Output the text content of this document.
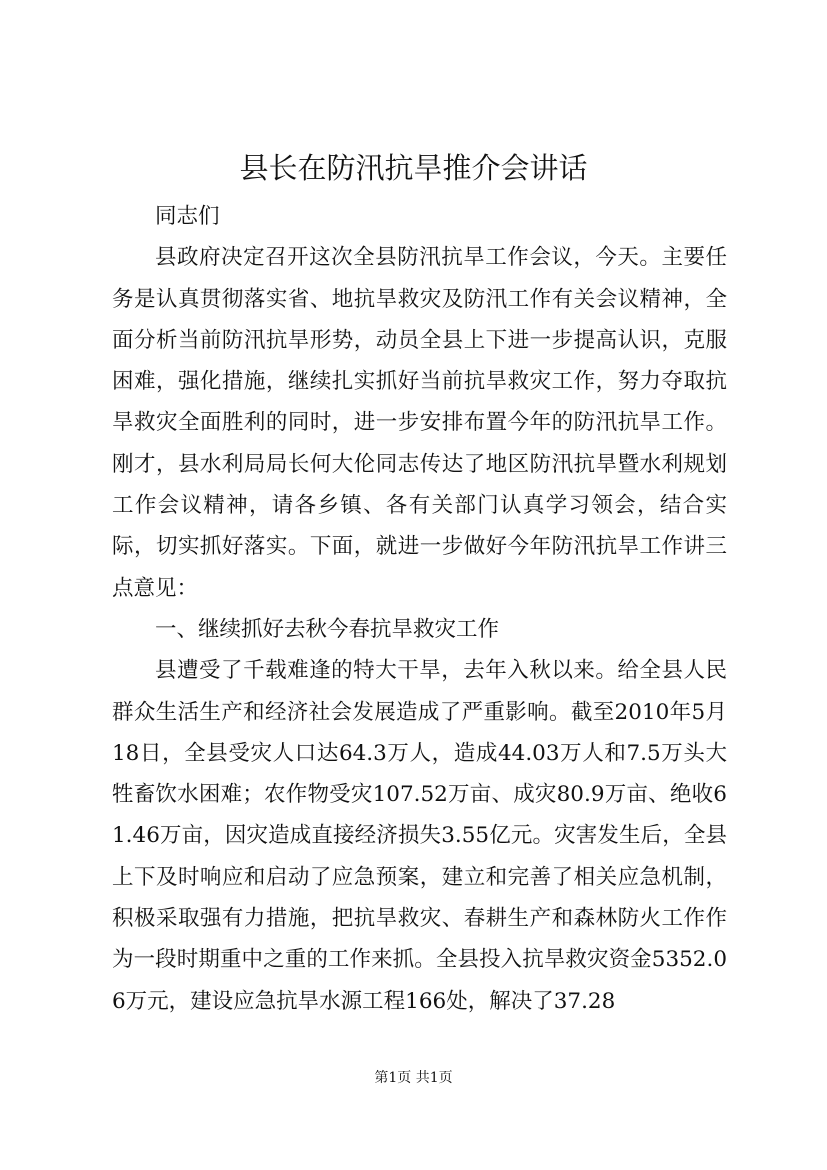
县长在防汛抗旱推介会讲话

同志们

县政府决定召开这次全县防汛抗旱工作会议，今天。主要任务是认真贯彻落实省、地抗旱救灾及防汛工作有关会议精神，全面分析当前防汛抗旱形势，动员全县上下进一步提高认识，克服困难，强化措施，继续扎实抓好当前抗旱救灾工作，努力夺取抗旱救灾全面胜利的同时，进一步安排布置今年的防汛抗旱工作。刚才，县水利局局长何大伦同志传达了地区防汛抗旱暨水利规划工作会议精神，请各乡镇、各有关部门认真学习领会，结合实际，切实抓好落实。下面，就进一步做好今年防汛抗旱工作讲三点意见：

一、继续抓好去秋今春抗旱救灾工作

县遭受了千载难逢的特大干旱，去年入秋以来。给全县人民群众生活生产和经济社会发展造成了严重影响。截至2010年5月18日，全县受灾人口达64.3万人，造成44.03万人和7.5万头大牲畜饮水困难；农作物受灾107.52万亩、成灾80.9万亩、绝收61.46万亩，因灾造成直接经济损失3.55亿元。灾害发生后，全县上下及时响应和启动了应急预案，建立和完善了相关应急机制，积极采取强有力措施，把抗旱救灾、春耕生产和森林防火工作作为一段时期重中之重的工作来抓。全县投入抗旱救灾资金5352.06万元，建设应急抗旱水源工程166处，解决了37.28

第1页 共1页
